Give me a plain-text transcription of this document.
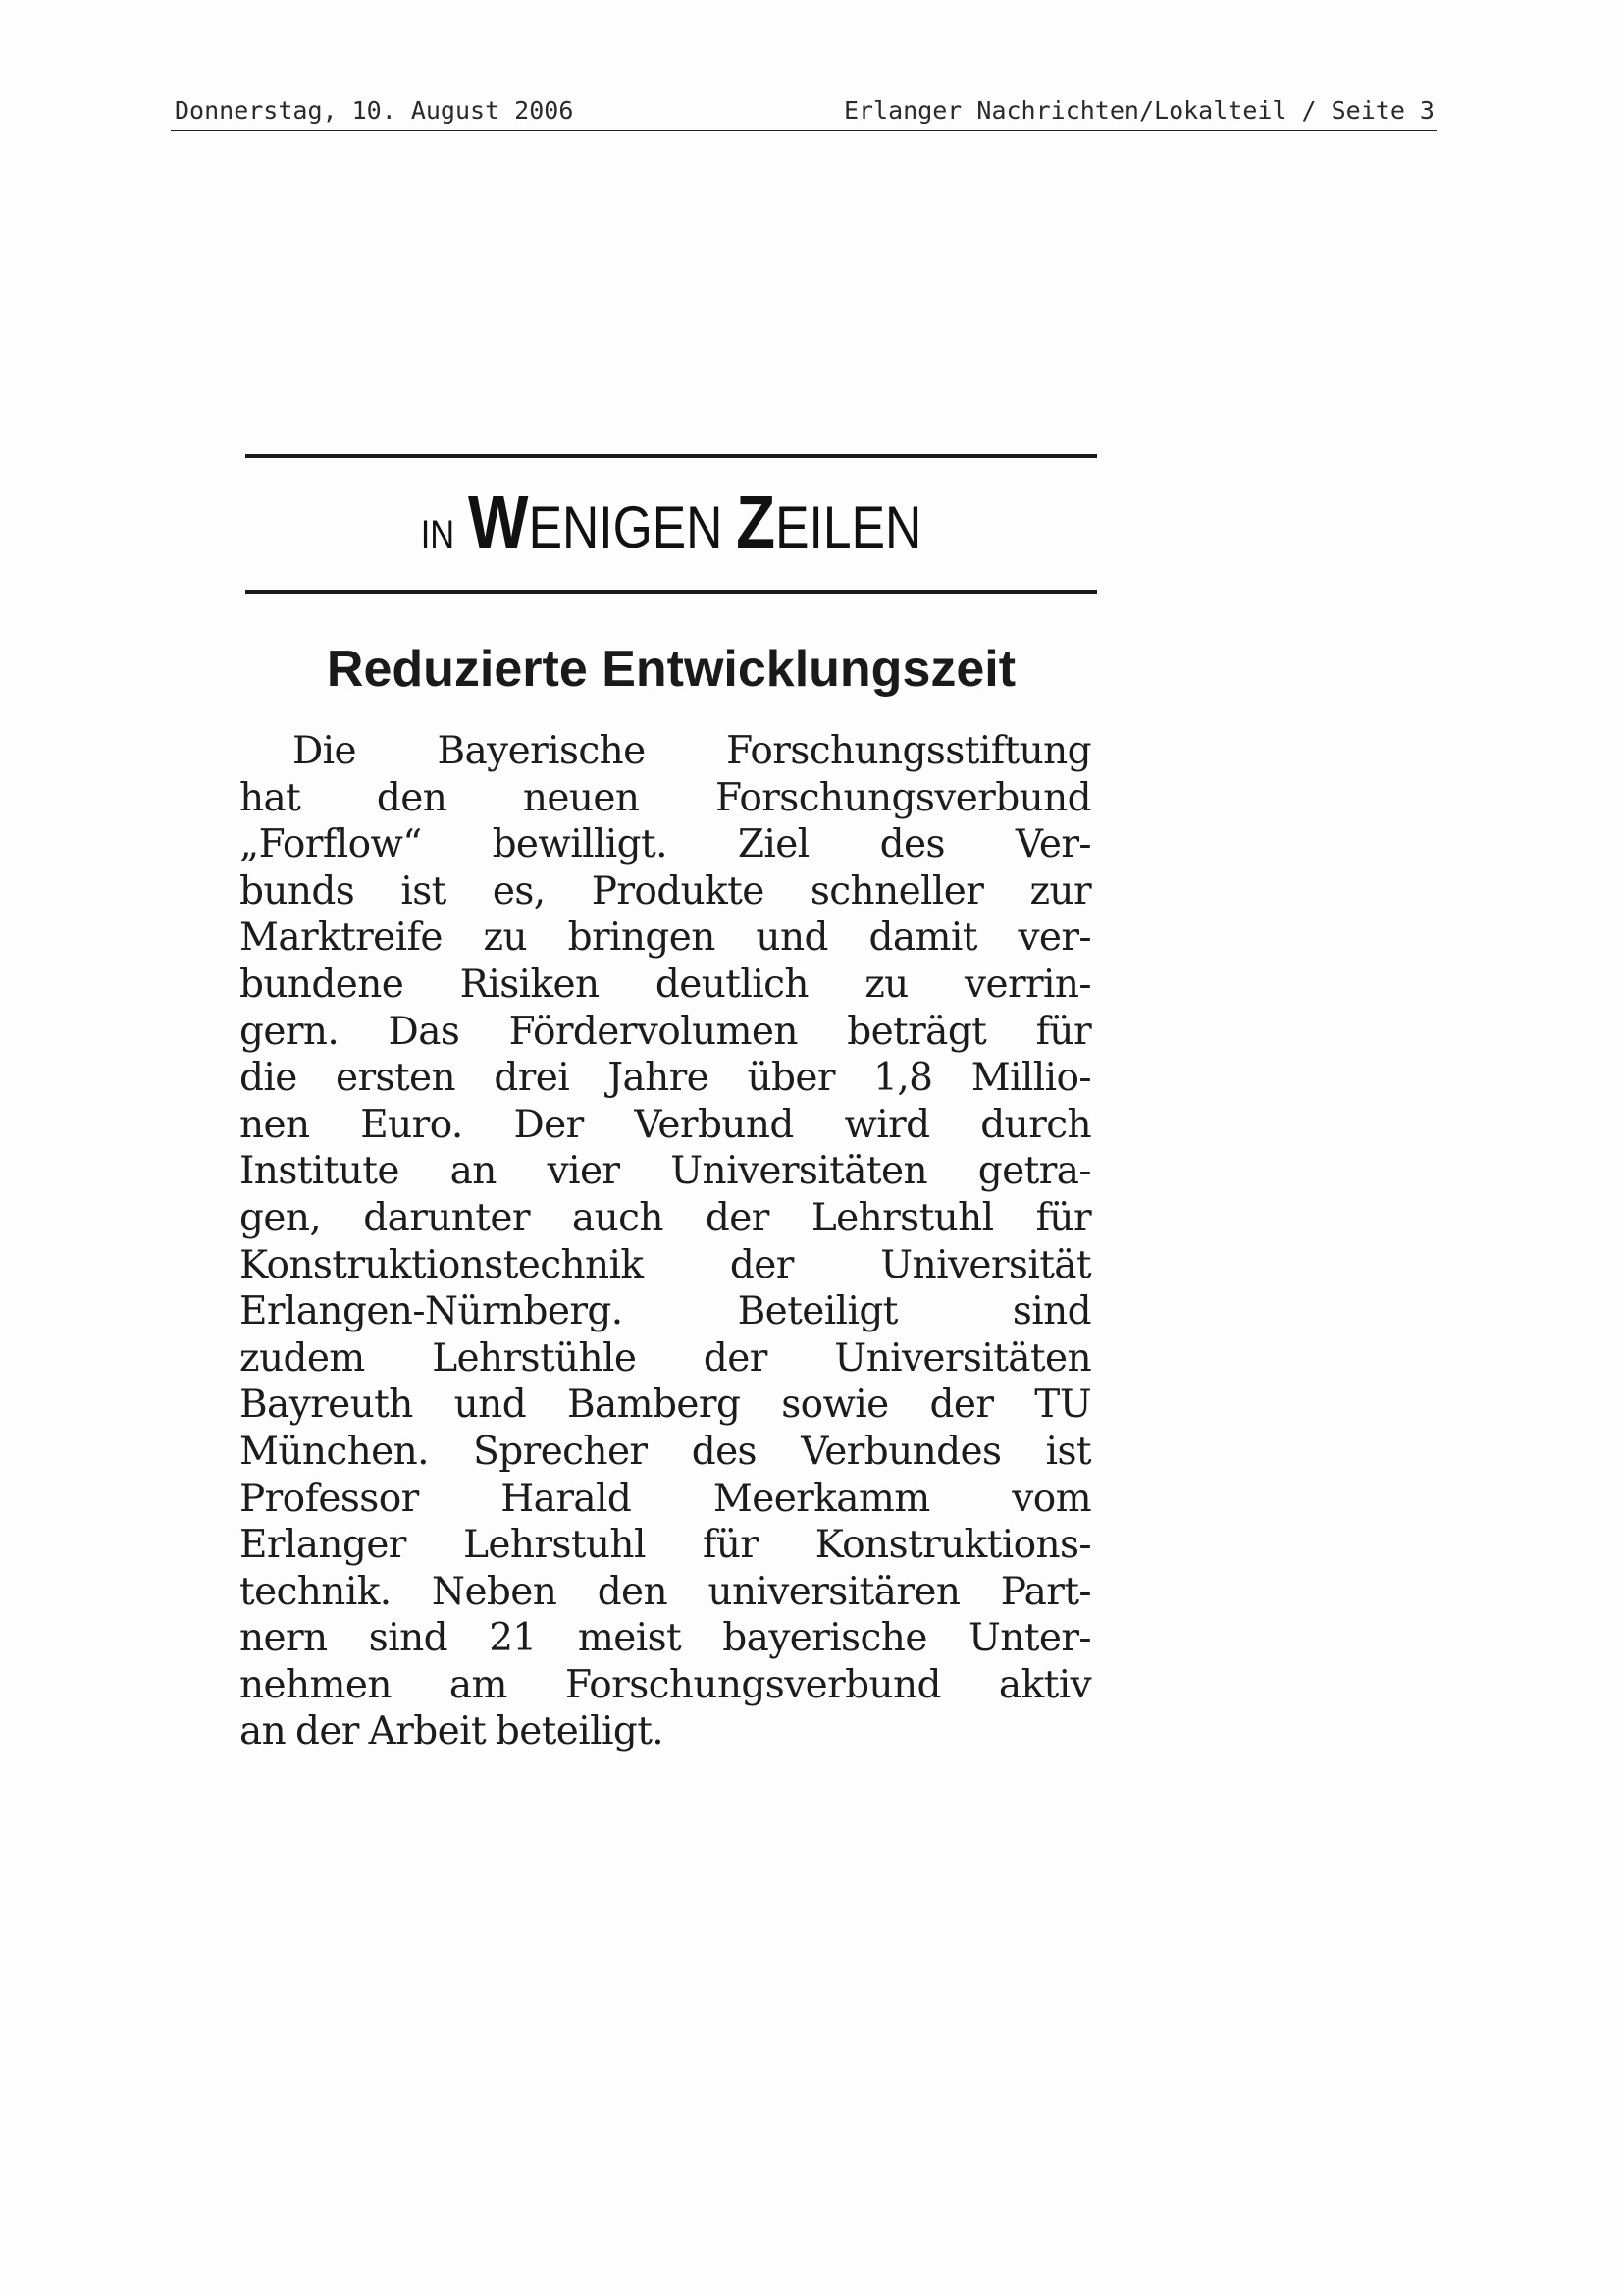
Donnerstag, 10. August 2006	Erlanger Nachrichten/Lokalteil / Seite 3
IN WENIGEN ZEILEN
Reduzierte Entwicklungszeit
Die Bayerische Forschungsstiftung
hat den neuen Forschungsverbund
„Forflow“ bewilligt. Ziel des Ver-
bunds ist es, Produkte schneller zur
Marktreife zu bringen und damit ver-
bundene Risiken deutlich zu verrin-
gern. Das Fördervolumen beträgt für
die ersten drei Jahre über 1,8 Millio-
nen Euro. Der Verbund wird durch
Institute an vier Universitäten getra-
gen, darunter auch der Lehrstuhl für
Konstruktionstechnik der Universität
Erlangen-Nürnberg. Beteiligt sind
zudem Lehrstühle der Universitäten
Bayreuth und Bamberg sowie der TU
München. Sprecher des Verbundes ist
Professor Harald Meerkamm vom
Erlanger Lehrstuhl für Konstruktions-
technik. Neben den universitären Part-
nern sind 21 meist bayerische Unter-
nehmen am Forschungsverbund aktiv
an der Arbeit beteiligt.
